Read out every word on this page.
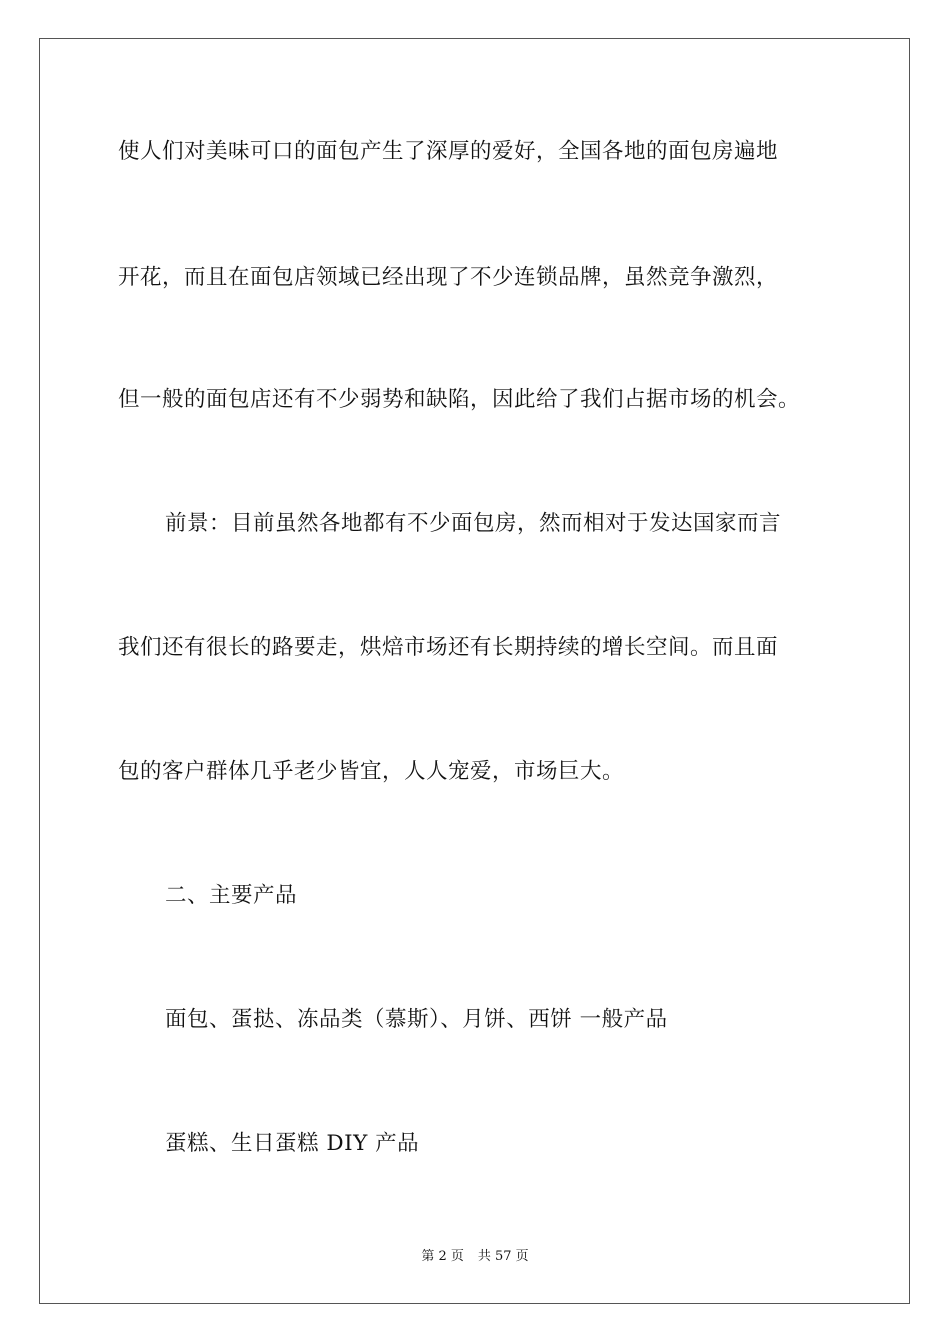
使人们对美味可口的面包产生了深厚的爱好，全国各地的面包房遍地
开花，而且在面包店领域已经出现了不少连锁品牌，虽然竞争激烈，
但一般的面包店还有不少弱势和缺陷，因此给了我们占据市场的机会。
前景：目前虽然各地都有不少面包房，然而相对于发达国家而言
我们还有很长的路要走，烘焙市场还有长期持续的增长空间。而且面
包的客户群体几乎老少皆宜，人人宠爱，市场巨大。
二、主要产品
面包、蛋挞、冻品类（慕斯）、月饼、西饼 一般产品
蛋糕、生日蛋糕 DIY 产品
第 2 页 共 57 页
